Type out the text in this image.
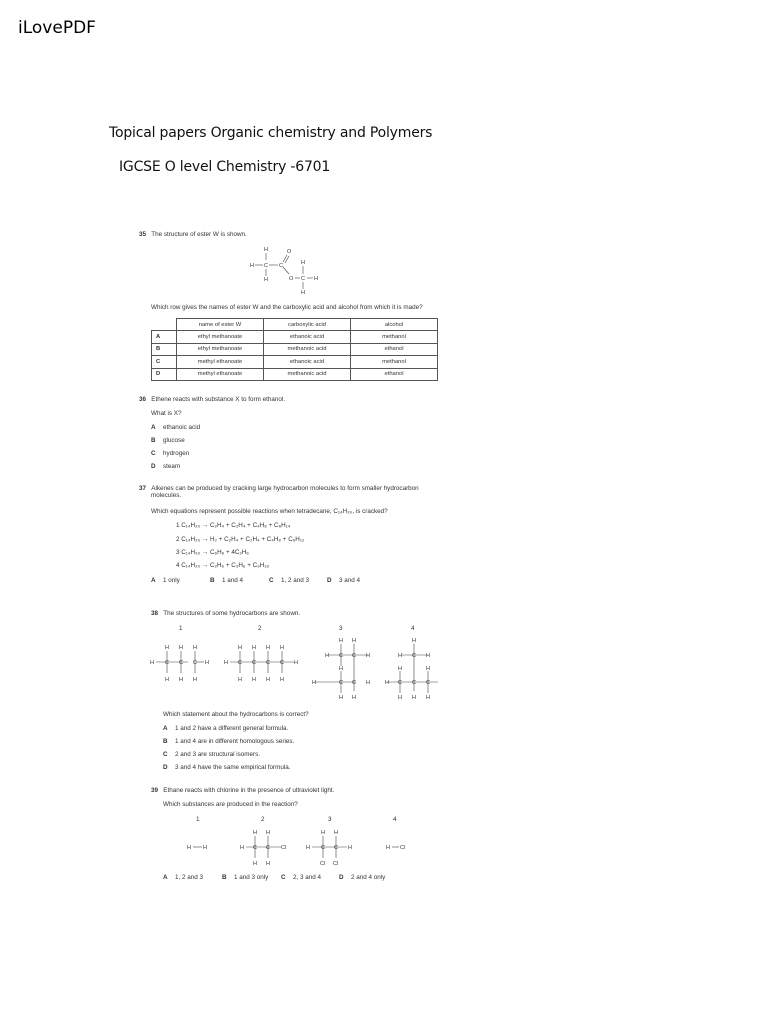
iLovePDF
Topical papers Organic chemistry and Polymers
IGCSE O level Chemistry -6701
35 The structure of ester W is shown.
H
H C
H
C
O
O C
H
H
H
Which row gives the names of ester W and the carboxylic acid and alcohol from which it is made?
	name of ester W	carboxylic acid	alcohol
A	ethyl methanoate	ethanoic acid	methanol
B	ethyl methanoate	methanoic acid	ethanol
C	methyl ethanoate	ethanoic acid	methanol
D	methyl ethanoate	methanoic acid	ethanol
36 Ethene reacts with substance X to form ethanol.
What is X?
A ethanoic acid
B glucose
C hydrogen
D steam
37 Alkenes can be produced by cracking large hydrocarbon molecules to form smaller hydrocarbon
molecules.
Which equations represent possible reactions when tetradecane, C₁₄H₃₀, is cracked?
1 C₁₄H₃₀ → C₂H₄ + C₂H₄ + C₄H₈ + C₆H₁₄
2 C₁₄H₃₀ → H₂ + C₂H₄ + C₂H₄ + C₄H₈ + C₆H₁₂
3 C₁₄H₃₀ → C₆H₆ + 4C₂H₆
4 C₁₄H₃₀ → C₂H₆ + C₃H₆ + C₉H₁₈
A 1 only	B 1 and 4	C 1, 2 and 3	D 3 and 4
38 The structures of some hydrocarbons are shown.
1	2	3	4
H H H
H C C C H
H H H
H H H H
H C C C C H
H H H H
H H
H C C H
H
H	C C H
H H
H
H C H
H	H
H C C C
H H H
Which statement about the hydrocarbons is correct?
A 1 and 2 have a different general formula.
B 1 and 4 are in different homologous series.
C 2 and 3 are structural isomers.
D 3 and 4 have the same empirical formula.
39 Ethane reacts with chlorine in the presence of ultraviolet light.
Which substances are produced in the reaction?
1	2	3	4
H H
H H
H C C Cl
H H
H H
H C C H
Cl Cl
H Cl
A 1, 2 and 3	B 1 and 3 only C 2, 3 and 4	D 2 and 4 only
